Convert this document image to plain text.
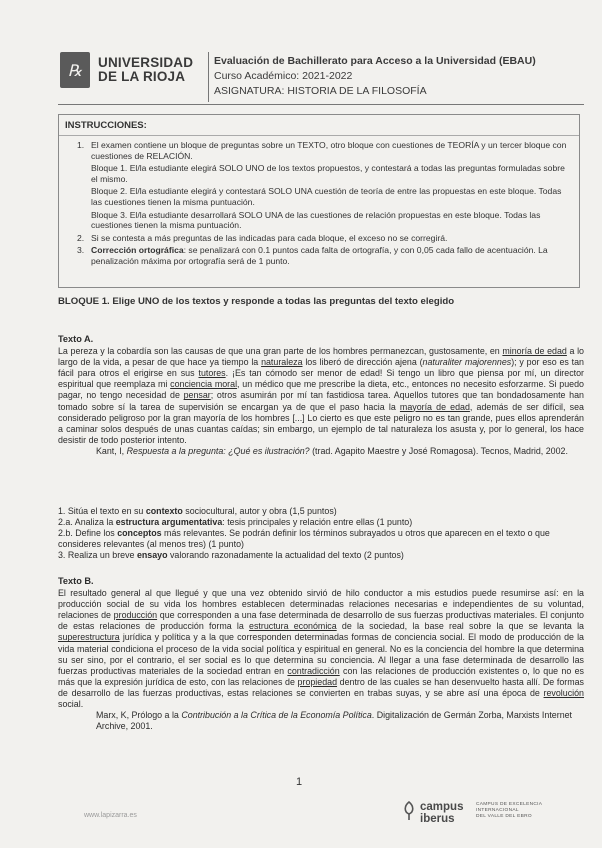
℞	UNIVERSIDAD DE LA RIOJA
Evaluación de Bachillerato para Acceso a la Universidad (EBAU)
Curso Académico: 2021-2022
ASIGNATURA: HISTORIA DE LA FILOSOFÍA
INSTRUCCIONES:
1. El examen contiene un bloque de preguntas sobre un TEXTO, otro bloque con cuestiones de TEORÍA y un tercer bloque con cuestiones de RELACIÓN.
Bloque 1. El/la estudiante elegirá SOLO UNO de los textos propuestos, y contestará a todas las preguntas formuladas sobre el mismo.
Bloque 2. El/la estudiante elegirá y contestará SOLO UNA cuestión de teoría de entre las propuestas en este bloque. Todas las cuestiones tienen la misma puntuación.
Bloque 3. El/la estudiante desarrollará SOLO UNA de las cuestiones de relación propuestas en este bloque. Todas las cuestiones tienen la misma puntuación.
2. Si se contesta a más preguntas de las indicadas para cada bloque, el exceso no se corregirá.
3. Corrección ortográfica: se penalizará con 0.1 puntos cada falta de ortografía, y con 0,05 cada fallo de acentuación. La penalización máxima por ortografía será de 1 punto.
BLOQUE 1. Elige UNO de los textos y responde a todas las preguntas del texto elegido
Texto A.
La pereza y la cobardía son las causas de que una gran parte de los hombres permanezcan, gustosamente, en minoría de edad a lo largo de la vida, a pesar de que hace ya tiempo la naturaleza los liberó de dirección ajena (naturaliter majorennes); y por eso es tan fácil para otros el erigirse en sus tutores. ¡Es tan cómodo ser menor de edad! Si tengo un libro que piensa por mí, un director espiritual que reemplaza mi conciencia moral, un médico que me prescribe la dieta, etc., entonces no necesito esforzarme. Si puedo pagar, no tengo necesidad de pensar; otros asumirán por mí tan fastidiosa tarea. Aquellos tutores que tan bondadosamente han tomado sobre sí la tarea de supervisión se encargan ya de que el paso hacia la mayoría de edad, además de ser difícil, sea considerado peligroso por la gran mayoría de los hombres [...] Lo cierto es que este peligro no es tan grande, pues ellos aprenderán a caminar solos después de unas cuantas caídas; sin embargo, un ejemplo de tal naturaleza los asusta y, por lo general, los hace desistir de todo posterior intento.
Kant, I, Respuesta a la pregunta: ¿Qué es ilustración? (trad. Agapito Maestre y José Romagosa). Tecnos, Madrid, 2002.

1. Sitúa el texto en su contexto sociocultural, autor y obra (1,5 puntos)

2.a. Analiza la estructura argumentativa: tesis principales y relación entre ellas (1 punto)

2.b. Define los conceptos más relevantes. Se podrán definir los términos subrayados u otros que aparecen en el texto o que consideres relevantes (al menos tres) (1 punto)

3. Realiza un breve ensayo valorando razonadamente la actualidad del texto (2 puntos)

Texto B.
El resultado general al que llegué y que una vez obtenido sirvió de hilo conductor a mis estudios puede resumirse así: en la producción social de su vida los hombres establecen determinadas relaciones necesarias e independientes de su voluntad, relaciones de producción que corresponden a una fase determinada de desarrollo de sus fuerzas productivas materiales. El conjunto de estas relaciones de producción forma la estructura económica de la sociedad, la base real sobre la que se levanta la superestructura jurídica y política y a la que corresponden determinadas formas de conciencia social. El modo de producción de la vida material condiciona el proceso de la vida social política y espiritual en general. No es la conciencia del hombre la que determina su ser sino, por el contrario, el ser social es lo que determina su conciencia. Al llegar a una fase determinada de desarrollo las fuerzas productivas materiales de la sociedad entran en contradicción con las relaciones de producción existentes o, lo que no es más que la expresión jurídica de esto, con las relaciones de propiedad dentro de las cuales se han desenvuelto hasta allí. De formas de desarrollo de las fuerzas productivas, estas relaciones se convierten en trabas suyas, y se abre así una época de revolución social.
Marx, K, Prólogo a la Contribución a la Crítica de la Economía Política. Digitalización de Germán Zorba, Marxists Internet Archive, 2001.
1
www.lapizarra.es
campus
iberus
CAMPUS DE EXCELENCIA
INTERNACIONAL
DEL VALLE DEL EBRO
